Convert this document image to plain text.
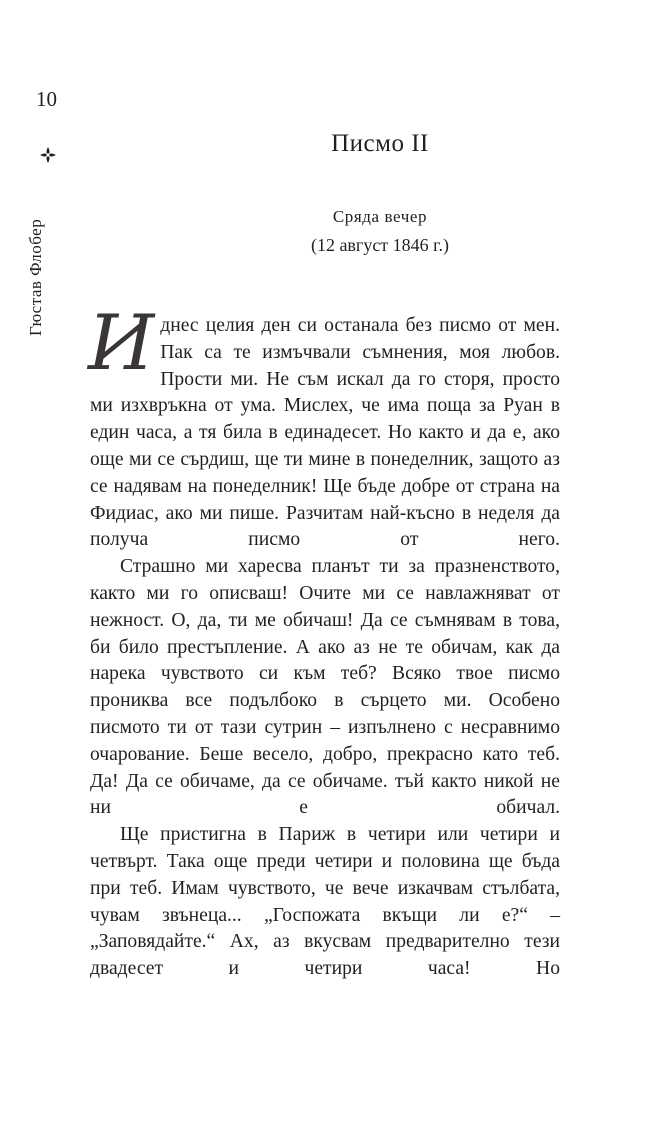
10
Гюстав Флобер
Писмо II
Сряда вечер
(12 август 1846 г.)

Иднес целия ден си останала без писмо от мен. Пак са те измъчвали съмнения, моя любов. Прости ми. Не съм искал да го сторя, просто ми изхвръкна от ума. Мислех, че има поща за Руан в един часа, а тя била в единадесет. Но както и да е, ако още ми се сърдиш, ще ти мине в понеделник, защото аз се надявам на понеделник! Ще бъде добре от страна на Фидиас, ако ми пише. Разчитам най-късно в неделя да получа писмо от него.

Страшно ми харесва планът ти за празненството, както ми го описваш! Очите ми се навлажняват от нежност. О, да, ти ме обичаш! Да се съмнявам в това, би било престъпление. А ако аз не те обичам, как да нарека чувството си към теб? Всяко твое писмо прониква все подълбоко в сърцето ми. Особено писмото ти от тази сутрин – изпълнено с несравнимо очарование. Беше весело, добро, прекрасно като теб. Да! Да се обичаме, да се обичаме. тъй както никой не ни е обичал.

Ще пристигна в Париж в четири или четири и четвърт. Така още преди четири и половина ще бъда при теб. Имам чувството, че вече изкачвам стълбата, чувам звънеца... „Госпожата вкъщи ли е?“ – „Заповядайте.“ Ах, аз вкусвам предварително тези двадесет и четири часа! Но
